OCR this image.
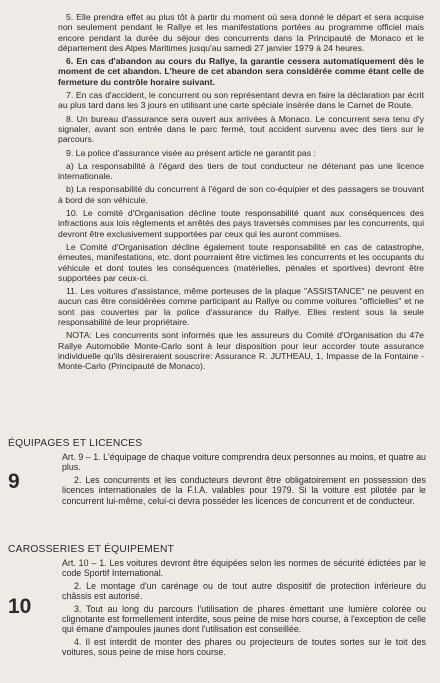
5. Elle prendra effet au plus tôt à partir du moment où sera donné le départ et sera acquise non seulement pendant le Rallye et les manifestations portées au programme officiel mais encore pendant la durée du séjour des concurrents dans la Principauté de Monaco et le département des Alpes Maritimes jusqu'au samedi 27 janvier 1979 à 24 heures.

6. En cas d'abandon au cours du Rallye, la garantie cessera automatiquement dès le moment de cet abandon. L'heure de cet abandon sera considérée comme étant celle de fermeture du contrôle horaire suivant.

7. En cas d'accident, le concurrent ou son représentant devra en faire la déclaration par écrit au plus tard dans les 3 jours en utilisant une carte spéciale insérée dans le Carnet de Route.

8. Un bureau d'assurance sera ouvert aux arrivées à Monaco. Le concurrent sera tenu d'y signaler, avant son entrée dans le parc fermé, tout accident survenu avec des tiers sur le parcours.

9. La police d'assurance visée au présent article ne garantit pas :

a) La responsabilité à l'égard des tiers de tout conducteur ne détenant pas une licence internationale.

b) La responsabilité du concurrent à l'égard de son co-équipier et des passagers se trouvant à bord de son véhicule.

10. Le comité d'Organisation décline toute responsabilité quant aux conséquences des infractions aux lois règlements et arrêtés des pays traversés commises par les concurrents, qui devront être exclusivement supportées par ceux qui les auront commises.

Le Comité d'Organisation décline également toute responsabilité en cas de catastrophe, émeutes, manifestations, etc. dont pourraient être victimes les concurrents et les occupants du véhicule et dont toutes les conséquences (matérielles, pénales et sportives) devront être supportées par ceux-ci.

11. Les voitures d'assistance, même porteuses de la plaque "ASSISTANCE" ne peuvent en aucun cas être considérées comme participant au Rallye ou comme voitures "officielles" et ne sont pas couvertes par la police d'assurance du Rallye. Elles restent sous la seule responsabilité de leur propriétaire.

NOTA: Les concurrents sont informés que les assureurs du Comité d'Organisation du 47e Rallye Automobile Monte-Carlo sont à leur disposition pour leur accorder toute assurance individuelle qu'ils désireraient souscrire: Assurance R. JUTHEAU, 1, Impasse de la Fontaine - Monte-Carlo (Principauté de Monaco).

ÉQUIPAGES ET LICENCES
9

Art. 9 – 1. L'équipage de chaque voiture comprendra deux personnes au moins, et quatre au plus.

2. Les concurrents et les conducteurs devront être obligatoirement en possession des licences internationales de la F.I.A. valables pour 1979. Si la voiture est pilotée par le concurrent lui-même, celui-ci devra posséder les licences de concurrent et de conducteur.

CAROSSERIES ET ÉQUIPEMENT
10

Art. 10 – 1. Les voitures devront être équipées selon les normes de sécurité édictées par le code Sportif International.

2. Le montage d'un carénage ou de tout autre dispositif de protection inférieure du châssis est autorisé.

3. Tout au long du parcours l'utilisation de phares émettant une lumière colorée ou clignotante est formellement interdite, sous peine de mise hors course, à l'exception de celle qui émane d'ampoules jaunes dont l'utilisation est conseillée.

4. Il est interdit de monter des phares ou projecteurs de toutes sortes sur le toit des voitures, sous peine de mise hors course.
